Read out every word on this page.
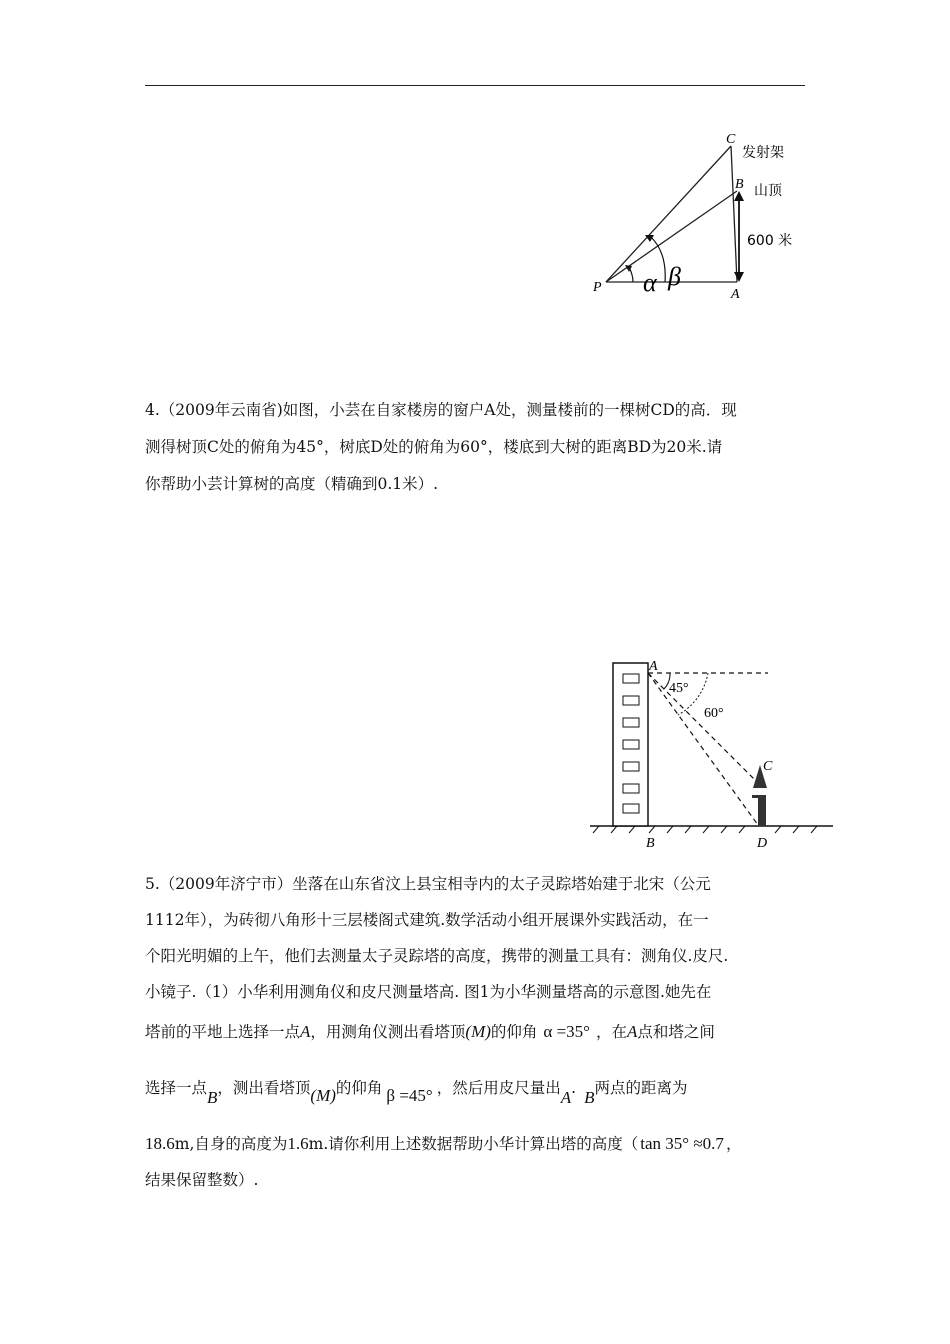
C
发射架
B 山顶
600 米
P	A
α β
4.（2009年云南省)如图，小芸在自家楼房的窗户A处，测量楼前的一棵树CD的高．现
测得树顶C处的俯角为45°，树底D处的俯角为60°，楼底到大树的距离BD为20米.请
你帮助小芸计算树的高度（精确到0.1米）.
A
45°
60°
C
B	D
5.（2009年济宁市）坐落在山东省汶上县宝相寺内的太子灵踪塔始建于北宋（公元
1112年），为砖彻八角形十三层楼阁式建筑.数学活动小组开展课外实践活动，在一
个阳光明媚的上午，他们去测量太子灵踪塔的高度，携带的测量工具有：测角仪.皮尺.
小镜子.（1）小华利用测角仪和皮尺测量塔高. 图1为小华测量塔高的示意图.她先在
塔前的平地上选择一点A，用测角仪测出看塔顶(M)的仰角 α =35° ，在A点和塔之间
选择一点B，测出看塔顶(M)的仰角 β =45° ，然后用皮尺量出A. B两点的距离为
18.6m,自身的高度为1.6m.请你利用上述数据帮助小华计算出塔的高度（ tan 35° ≈0.7 ，
结果保留整数）.
